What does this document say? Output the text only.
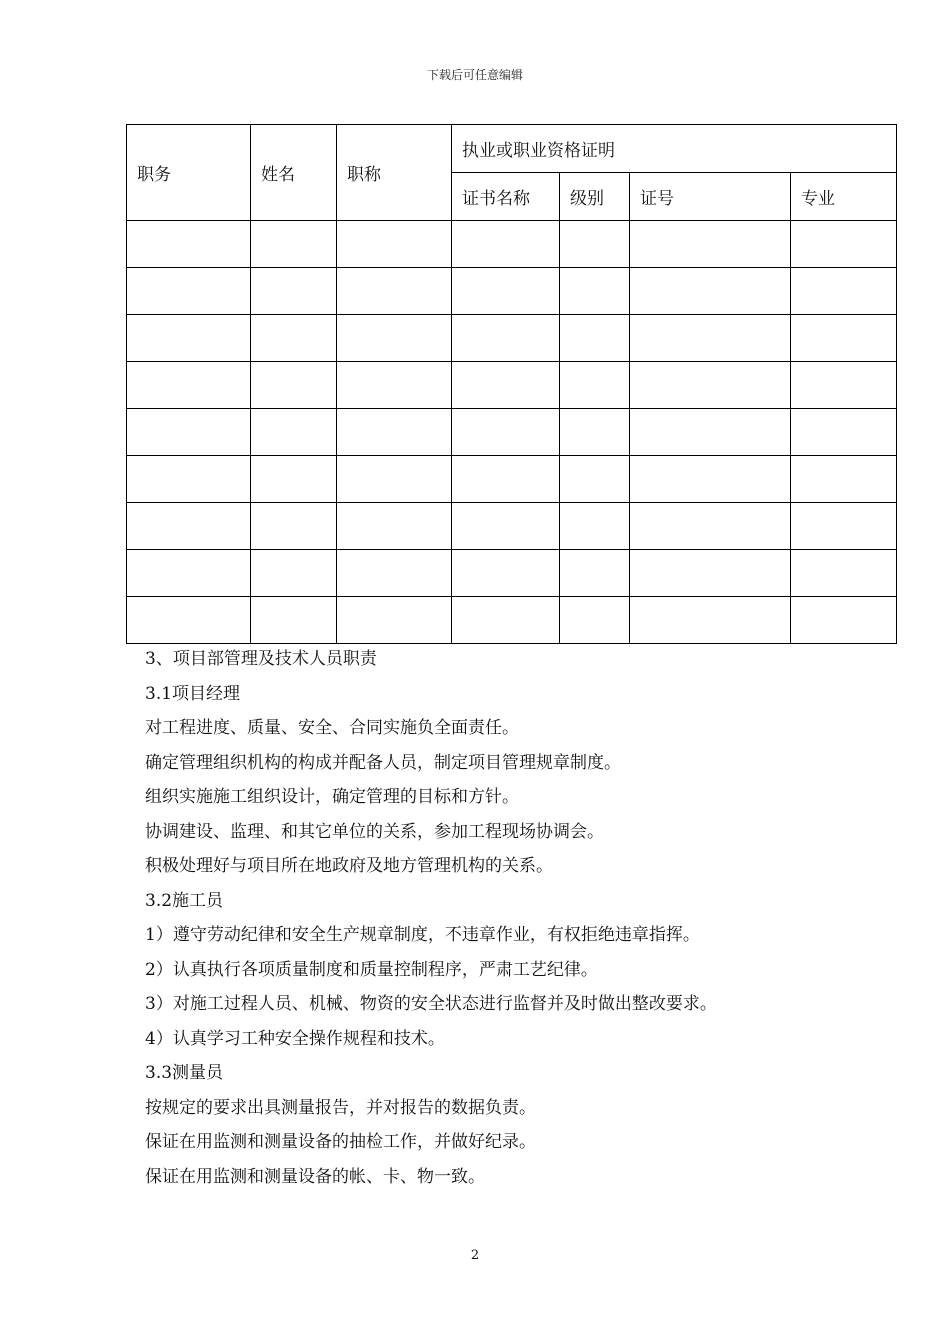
下载后可任意编辑
职务	姓名	职称	执业或职业资格证明			
			证书名称	级别	证号	专业

3、项目部管理及技术人员职责
3.1项目经理
对工程进度、质量、安全、合同实施负全面责任。
确定管理组织机构的构成并配备人员，制定项目管理规章制度。
组织实施施工组织设计，确定管理的目标和方针。
协调建设、监理、和其它单位的关系，参加工程现场协调会。
积极处理好与项目所在地政府及地方管理机构的关系。
3.2施工员
1）遵守劳动纪律和安全生产规章制度，不违章作业，有权拒绝违章指挥。
2）认真执行各项质量制度和质量控制程序，严肃工艺纪律。
3）对施工过程人员、机械、物资的安全状态进行监督并及时做出整改要求。
4）认真学习工种安全操作规程和技术。
3.3测量员
按规定的要求出具测量报告，并对报告的数据负责。
保证在用监测和测量设备的抽检工作，并做好纪录。
保证在用监测和测量设备的帐、卡、物一致。
2
